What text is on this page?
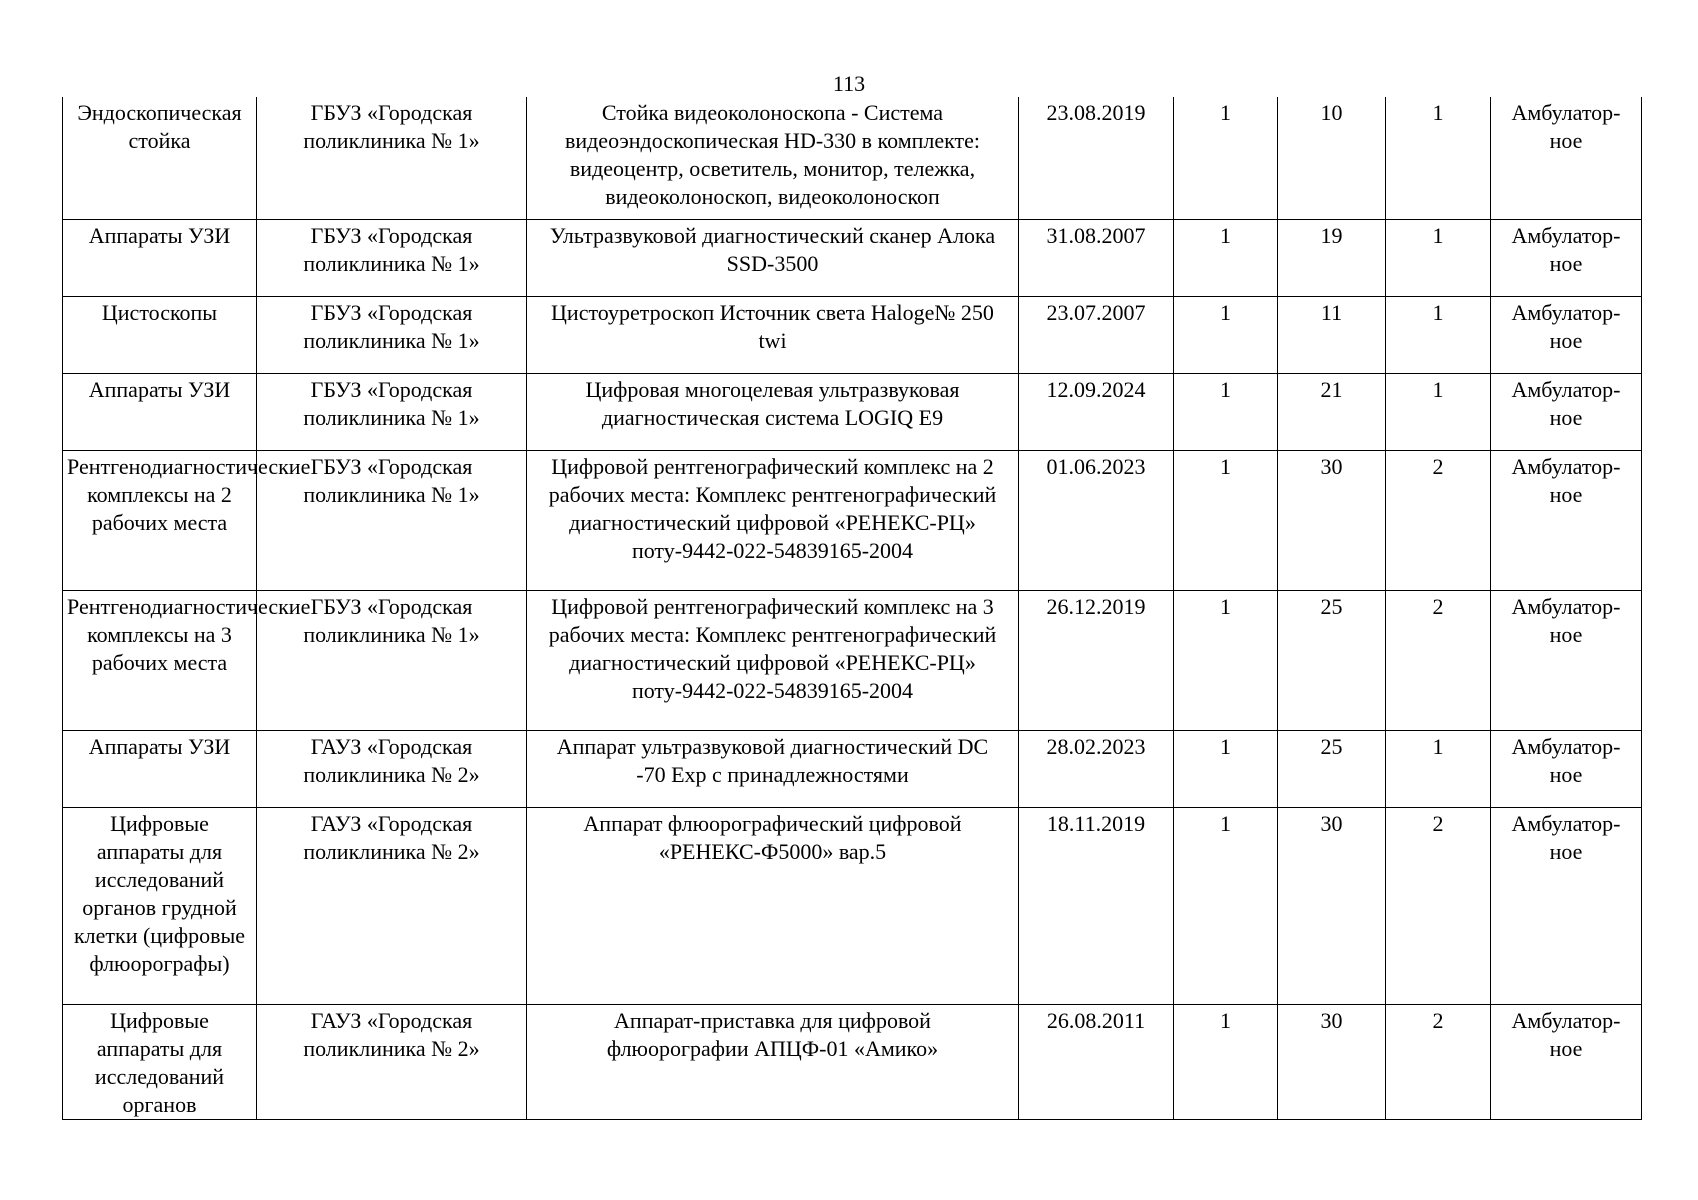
113
Эндоскопическая стойка	ГБУЗ «Городская поликлиника № 1»	Стойка видеоколоноскопа - Система видеоэндоскопическая HD-330 в комплекте: видеоцентр, осветитель, монитор, тележка, видеоколоноскоп, видеоколоноскоп	23.08.2019	1	10	1	Амбулатор-ное
Аппараты УЗИ	ГБУЗ «Городская поликлиника № 1»	Ультразвуковой диагностический сканер Алока SSD-3500	31.08.2007	1	19	1	Амбулатор-ное
Цистоскопы	ГБУЗ «Городская поликлиника № 1»	Цистоуретроскоп Источник света Haloge№ 250 twi	23.07.2007	1	11	1	Амбулатор-ное
Аппараты УЗИ	ГБУЗ «Городская поликлиника № 1»	Цифровая многоцелевая ультразвуковая диагностическая система LOGIQ E9	12.09.2024	1	21	1	Амбулатор-ное
Рентгенодиагностические комплексы на 2 рабочих места	ГБУЗ «Городская поликлиника № 1»	Цифровой рентгенографический комплекс на 2 рабочих места: Комплекс рентгенографический диагностический цифровой «РЕНЕКС-РЦ» поту-9442-022-54839165-2004	01.06.2023	1	30	2	Амбулатор-ное
Рентгенодиагностические комплексы на 3 рабочих места	ГБУЗ «Городская поликлиника № 1»	Цифровой рентгенографический комплекс на 3 рабочих места: Комплекс рентгенографический диагностический цифровой «РЕНЕКС-РЦ» поту-9442-022-54839165-2004	26.12.2019	1	25	2	Амбулатор-ное
Аппараты УЗИ	ГАУЗ «Городская поликлиника № 2»	Аппарат ультразвуковой диагностический DC -70 Exp с принадлежностями	28.02.2023	1	25	1	Амбулатор-ное
Цифровые аппараты для исследований органов грудной клетки (цифровые флюорографы)	ГАУЗ «Городская поликлиника № 2»	Аппарат флюорографический цифровой «РЕНЕКС-Ф5000» вар.5	18.11.2019	1	30	2	Амбулатор-ное
Цифровые аппараты для исследований органов	ГАУЗ «Городская поликлиника № 2»	Аппарат-приставка для цифровой флюорографии АПЦФ-01 «Амико»	26.08.2011	1	30	2	Амбулатор-ное
